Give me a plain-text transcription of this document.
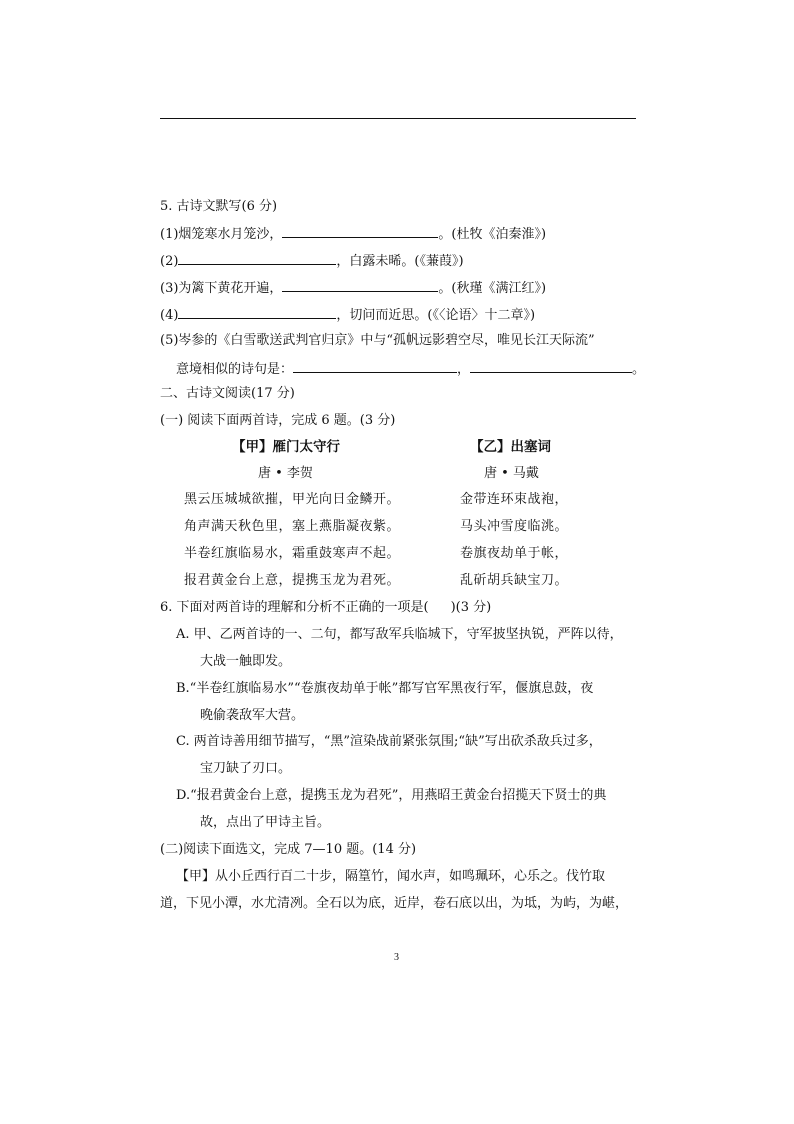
5. 古诗文默写(6 分)
(1)烟笼寒水月笼沙，	。(杜牧《泊秦淮》)
(2)	，白露未晞。(《蒹葭》)
(3)为篱下黄花开遍，	。(秋瑾《满江红》)
(4)	，切问而近思。(《〈论语〉十二章》)
(5)岑参的《白雪歌送武判官归京》中与“孤帆远影碧空尽，唯见长江天际流”
意境相似的诗句是：	，	。
二、古诗文阅读(17 分)
(一) 阅读下面两首诗，完成 6 题。(3 分)
【甲】雁门太守行
唐 • 李贺
黑云压城城欲摧，甲光向日金鳞开。
角声满天秋色里，塞上燕脂凝夜紫。
半卷红旗临易水，霜重鼓寒声不起。
报君黄金台上意，提携玉龙为君死。
【乙】出塞词
唐 • 马戴
金带连环束战袍，
马头冲雪度临洮。
卷旗夜劫单于帐，
乱斫胡兵缺宝刀。
6. 下面对两首诗的理解和分析不正确的一项是( )(3 分)
A. 甲、乙两首诗的一、二句，都写敌军兵临城下，守军披坚执锐，严阵以待，
大战一触即发。
B.“半卷红旗临易水”“卷旗夜劫单于帐”都写官军黑夜行军，偃旗息鼓，夜
晚偷袭敌军大营。
C. 两首诗善用细节描写，“黑”渲染战前紧张氛围;“缺”写出砍杀敌兵过多，
宝刀缺了刃口。
D.“报君黄金台上意，提携玉龙为君死”，用燕昭王黄金台招揽天下贤士的典
故，点出了甲诗主旨。
(二)阅读下面选文，完成 7—10 题。(14 分)
【甲】从小丘西行百二十步，隔篁竹，闻水声，如鸣珮环，心乐之。伐竹取
道，下见小潭，水尤清冽。全石以为底，近岸，卷石底以出，为坻，为屿，为嵁，
3
